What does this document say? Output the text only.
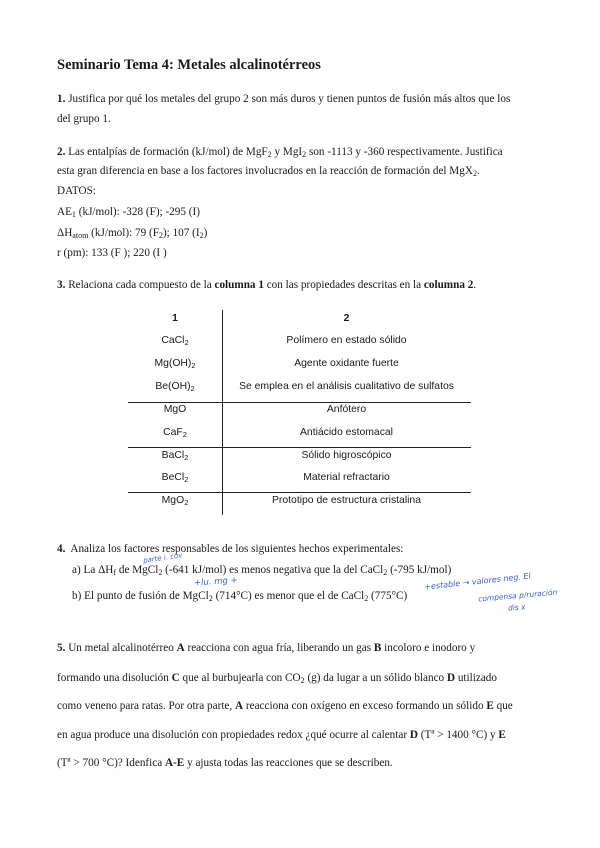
Seminario Tema 4: Metales alcalinotérreos
1. Justifica por qué los metales del grupo 2 son más duros y tienen puntos de fusión más altos que los
del grupo 1.
2. Las entalpías de formación (kJ/mol) de MgF$_2$ y MgI$_2$ son -1113 y -360 respectivamente. Justifica
esta gran diferencia en base a los factores involucrados en la reacción de formación del MgX$_2$.
DATOS:
$AE_1$ (kJ/mol): -328 (F); -295 (I)
$\Delta H_{atom}$ (kJ/mol): 79 $(F_2)$; 107 $(I_2)$
r (pm): 133 (F ); 220 (I )
3. Relaciona cada compuesto de la columna 1 con las propiedades descritas en la columna 2.
1	2
CaCl$_2$
$Mg(OH)_2$
$Be(OH)_2$
MgO
CaF$_2$
BaCl$_2$
BeCl$_2$
MgO$_2$
Polímero en estado sólido
Agente oxidante fuerte
Se emplea en el análisis cualitativo de sulfatos
Anfótero
Antiácido estomacal
Sólido higroscópico
Material refractario
Prototipo de estructura cristalina
4. Analiza los factores responsables de los siguientes hechos experimentales:
a) La $\Delta H_f$ de MgCl$_2$ (-641 kJ/mol) es menos negativa que la del CaCl$_2$ (-795 kJ/mol)
b) El punto de fusión de MgCl$_2$ (714°C) es menor que el de CaCl$_2$ (775°C)
5. Un metal alcalinotérreo A reacciona con agua fría, liberando un gas B incoloro e inodoro y
formando una disolución C que al burbujearla con $CO_2$ (g) da lugar a un sólido blanco D utilizado
como veneno para ratas. Por otra parte, A reacciona con oxígeno en exceso formando un sólido E que
en agua produce una disolución con propiedades redox ¿qué ocurre al calentar D (Tª > 1400 °C) y E
(Tª > 700 °C)? Idenfica A-E y ajusta todas las reacciones que se describen.
parte i. cov
+lu. mg +	+estable → valores neg. El
compensa p/ruración
dis x
